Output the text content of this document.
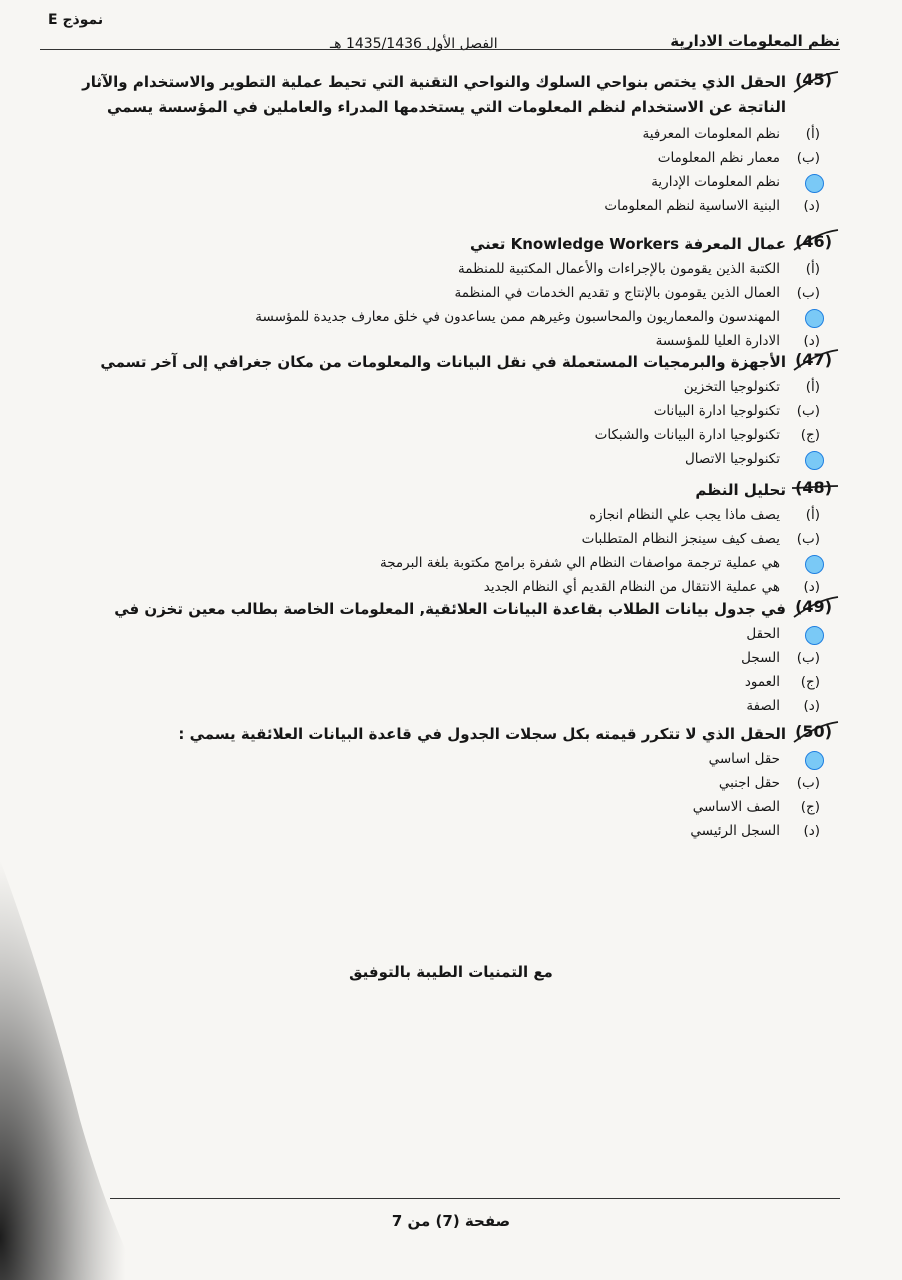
نظم المعلومات الادارية
الفصل الأول 1435/1436 هـ
نموذج E
(45)
الحقل الذي يختص بنواحي السلوك والنواحي التقنية التي تحيط عملية التطوير والاستخدام والآثار الناتجة عن الاستخدام لنظم المعلومات التي يستخدمها المدراء والعاملين في المؤسسة يسمي
(أ)
نظم المعلومات المعرفية
(ب)
معمار نظم المعلومات
نظم المعلومات الإدارية
(د)
البنية الاساسية لنظم المعلومات
(46)
عمال المعرفة Knowledge Workers تعني
(أ)
الكتبة الذين يقومون بالإجراءات والأعمال المكتبية للمنظمة
(ب)
العمال الذين يقومون بالإنتاج و تقديم الخدمات في المنظمة
المهندسون والمعماريون والمحاسبون وغيرهم ممن يساعدون في خلق معارف جديدة للمؤسسة
(د)
الادارة العليا للمؤسسة
(47)
الأجهزة والبرمجيات المستعملة في نقل البيانات والمعلومات من مكان جغرافي إلى آخر تسمي
(أ)
تكنولوجيا التخزين
(ب)
تكنولوجيا ادارة البيانات
(ج)
تكنولوجيا ادارة البيانات والشبكات
تكنولوجيا الاتصال
(48)
تحليل النظم
(أ)
يصف ماذا يجب علي النظام انجازه
(ب)
يصف كيف سينجز النظام المتطلبات
هي عملية ترجمة مواصفات النظام الي شفرة برامج مكتوبة بلغة البرمجة
(د)
هي عملية الانتقال من النظام القديم أي النظام الجديد
(49)
في جدول بيانات الطلاب بقاعدة البيانات العلائقية, المعلومات الخاصة بطالب معين تخزن في
الحقل
(ب)
السجل
(ج)
العمود
(د)
الصفة
(50)
الحقل الذي لا تتكرر قيمته بكل سجلات الجدول في قاعدة البيانات العلائقية يسمي :
حقل اساسي
(ب)
حقل اجنبي
(ج)
الصف الاساسي
(د)
السجل الرئيسي
مع التمنيات الطيبة بالتوفيق
صفحة (7) من 7
